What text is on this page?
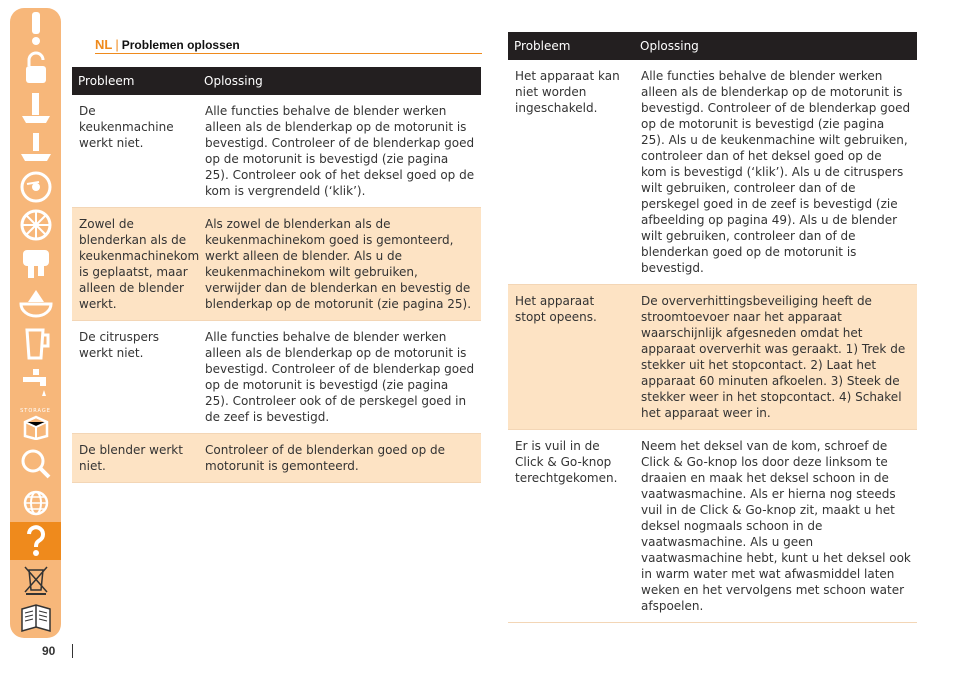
STORAGE
NL | Problemen oplossen
Probleem	Oplossing
De keukenmachine werkt niet.	Alle functies behalve de blender werken alleen als de blenderkap op de motorunit is bevestigd. Controleer of de blenderkap goed op de motorunit is bevestigd (zie pagina 25). Controleer ook of het deksel goed op de kom is vergrendeld (‘klik’).
Zowel de blenderkan als de keukenmachinekom is geplaatst, maar alleen de blender werkt.	Als zowel de blenderkan als de keukenmachinekom goed is gemonteerd, werkt alleen de blender. Als u de keukenmachinekom wilt gebruiken, verwijder dan de blenderkan en bevestig de blenderkap op de motorunit (zie pagina 25).
De citruspers werkt niet.	Alle functies behalve de blender werken alleen als de blenderkap op de motorunit is bevestigd. Controleer of de blenderkap goed op de motorunit is bevestigd (zie pagina 25). Controleer ook of de perskegel goed in de zeef is bevestigd.
De blender werkt niet.	Controleer of de blenderkan goed op de motorunit is gemonteerd.
Probleem	Oplossing
Het apparaat kan niet worden ingeschakeld.	Alle functies behalve de blender werken alleen als de blenderkap op de motorunit is bevestigd. Controleer of de blenderkap goed op de motorunit is bevestigd (zie pagina 25). Als u de keukenmachine wilt gebruiken, controleer dan of het deksel goed op de kom is bevestigd (‘klik’). Als u de citruspers wilt gebruiken, controleer dan of de perskegel goed in de zeef is bevestigd (zie afbeelding op pagina 49). Als u de blender wilt gebruiken, controleer dan of de blenderkan goed op de motorunit is bevestigd.
Het apparaat stopt opeens.	De oververhittingsbeveiliging heeft de stroomtoevoer naar het apparaat waarschijnlijk afgesneden omdat het apparaat oververhit was geraakt. 1) Trek de stekker uit het stopcontact. 2) Laat het apparaat 60 minuten afkoelen. 3) Steek de stekker weer in het stopcontact. 4) Schakel het apparaat weer in.
Er is vuil in de Click & Go-knop terechtgekomen.	Neem het deksel van de kom, schroef de Click & Go-knop los door deze linksom te draaien en maak het deksel schoon in de vaatwasmachine. Als er hierna nog steeds vuil in de Click & Go-knop zit, maakt u het deksel nogmaals schoon in de vaatwasmachine. Als u geen vaatwasmachine hebt, kunt u het deksel ook in warm water met wat afwasmiddel laten weken en het vervolgens met schoon water afspoelen.
90
